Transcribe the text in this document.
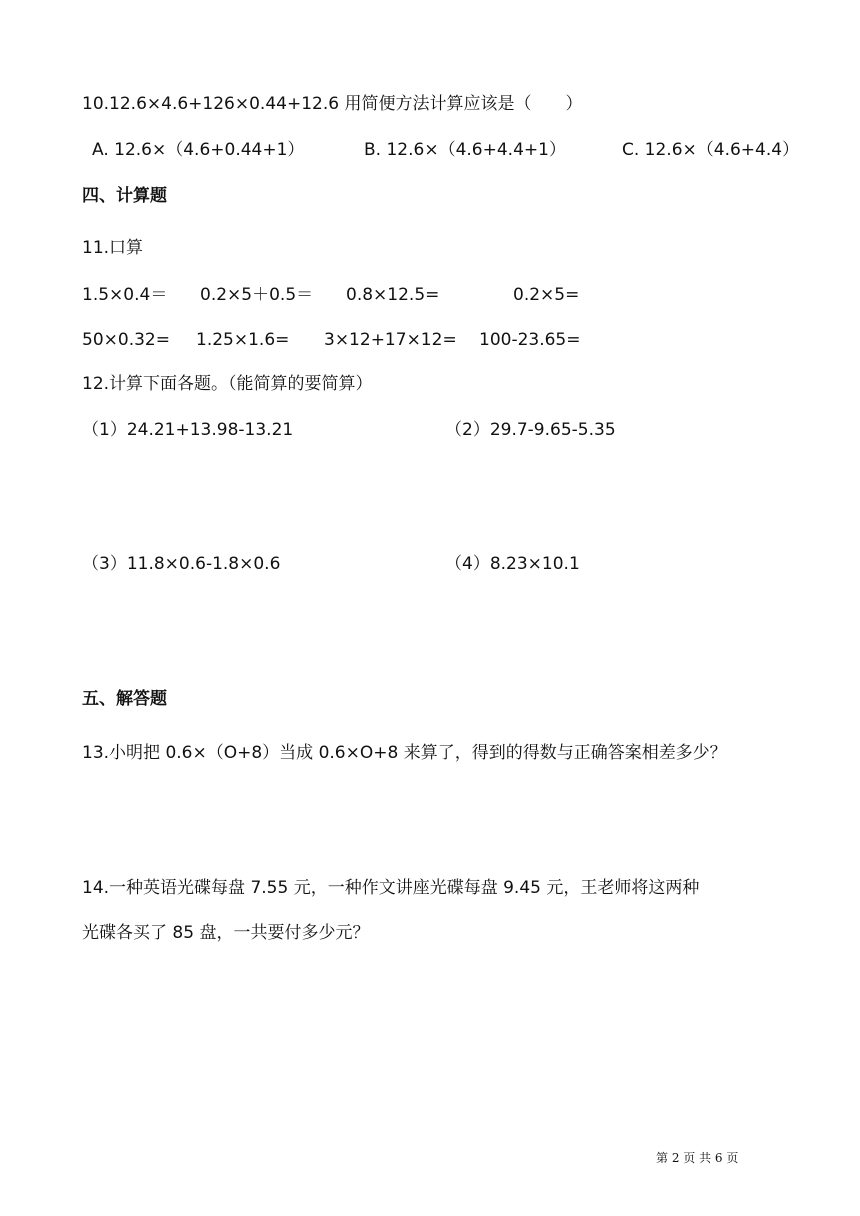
10.12.6×4.6+126×0.44+12.6 用简便方法计算应该是（　　）
A. 12.6×（4.6+0.44+1）	B. 12.6×（4.6+4.4+1）	C. 12.6×（4.6+4.4）
四、计算题
11.口算
1.5×0.4＝ 0.2×5＋0.5＝ 0.8×12.5=	0.2×5=
50×0.32= 1.25×1.6= 3×12+17×12= 100-23.65=
12.计算下面各题。（能简算的要简算）
（1）24.21+13.98-13.21	（2）29.7-9.65-5.35
（3）11.8×0.6-1.8×0.6	（4）8.23×10.1
五、解答题
13.小明把 0.6×（O+8）当成 0.6×O+8 来算了，得到的得数与正确答案相差多少？
14.一种英语光碟每盘 7.55 元，一种作文讲座光碟每盘 9.45 元，王老师将这两种
光碟各买了 85 盘，一共要付多少元？
第 2 页 共 6 页
